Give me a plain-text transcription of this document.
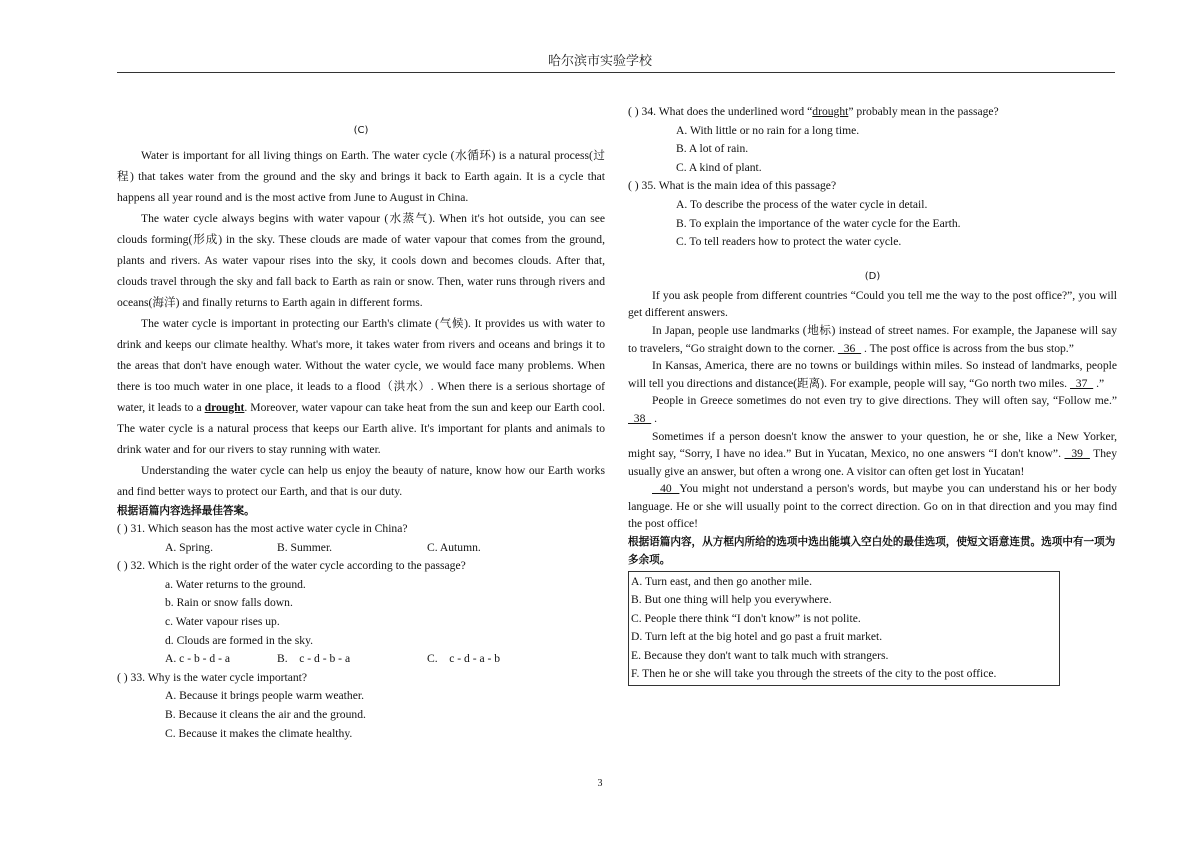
哈尔滨市实验学校
(C)

Water is important for all living things on Earth. The water cycle (水循环) is a natural process(过程) that takes water from the ground and the sky and brings it back to Earth again. It is a cycle that happens all year round and is the most active from June to August in China.

The water cycle always begins with water vapour (水蒸气). When it's hot outside, you can see clouds forming(形成) in the sky. These clouds are made of water vapour that comes from the ground, plants and rivers. As water vapour rises into the sky, it cools down and becomes clouds. After that, clouds travel through the sky and fall back to Earth as rain or snow. Then, water runs through rivers and oceans(海洋) and finally returns to Earth again in different forms.

The water cycle is important in protecting our Earth's climate (气候). It provides us with water to drink and keeps our climate healthy. What's more, it takes water from rivers and oceans and brings it to the areas that don't have enough water. Without the water cycle, we would face many problems. When there is too much water in one place, it leads to a flood（洪水）. When there is a serious shortage of water, it leads to a drought. Moreover, water vapour can take heat from the sun and keep our Earth cool. The water cycle is a natural process that keeps our Earth alive. It's important for plants and animals to drink water and for our rivers to stay running with water.

Understanding the water cycle can help us enjoy the beauty of nature, know how our Earth works and find better ways to protect our Earth, and that is our duty.

根据语篇内容选择最佳答案。
( ) 31. Which season has the most active water cycle in China?
A. Spring.	B. Summer.	C. Autumn.
( ) 32. Which is the right order of the water cycle according to the passage?
a. Water returns to the ground.
b. Rain or snow falls down.
c. Water vapour rises up.
d. Clouds are formed in the sky.
A. c - b - d - a	B.    c - d - b - a	C.    c - d - a - b
( ) 33. Why is the water cycle important?
A. Because it brings people warm weather.
B. Because it cleans the air and the ground.
C. Because it makes the climate healthy.
( ) 34. What does the underlined word “drought” probably mean in the passage?
A. With little or no rain for a long time.
B. A lot of rain.
C. A kind of plant.
( ) 35. What is the main idea of this passage?
A. To describe the process of the water cycle in detail.
B. To explain the importance of the water cycle for the Earth.
C. To tell readers how to protect the water cycle.
(D)

If you ask people from different countries “Could you tell me the way to the post office?”, you will get different answers.

In Japan, people use landmarks (地标) instead of street names. For example, the Japanese will say to travelers, “Go straight down to the corner.   36   . The post office is across from the bus stop.”

In Kansas, America, there are no towns or buildings within miles. So instead of landmarks, people will tell you directions and distance(距离). For example, people will say, “Go north two miles.   37   .”

People in Greece sometimes do not even try to give directions. They will often say, “Follow me.”   38   .

Sometimes if a person doesn't know the answer to your question, he or she, like a New Yorker, might say, “Sorry, I have no idea.” But in Yucatan, Mexico, no one answers “I don't know”.   39   They usually give an answer, but often a wrong one. A visitor can often get lost in Yucatan!

40  You might not understand a person's words, but maybe you can understand his or her body language. He or she will usually point to the correct direction. Go on in that direction and you may find the post office!

根据语篇内容，从方框内所给的选项中选出能填入空白处的最佳选项，使短文语意连贯。选项中有一项为多余项。
A. Turn east, and then go another mile.
B. But one thing will help you everywhere.
C. People there think “I don't know” is not polite.
D. Turn left at the big hotel and go past a fruit market.
E. Because they don't want to talk much with strangers.
F. Then he or she will take you through the streets of the city to the post office.
3
